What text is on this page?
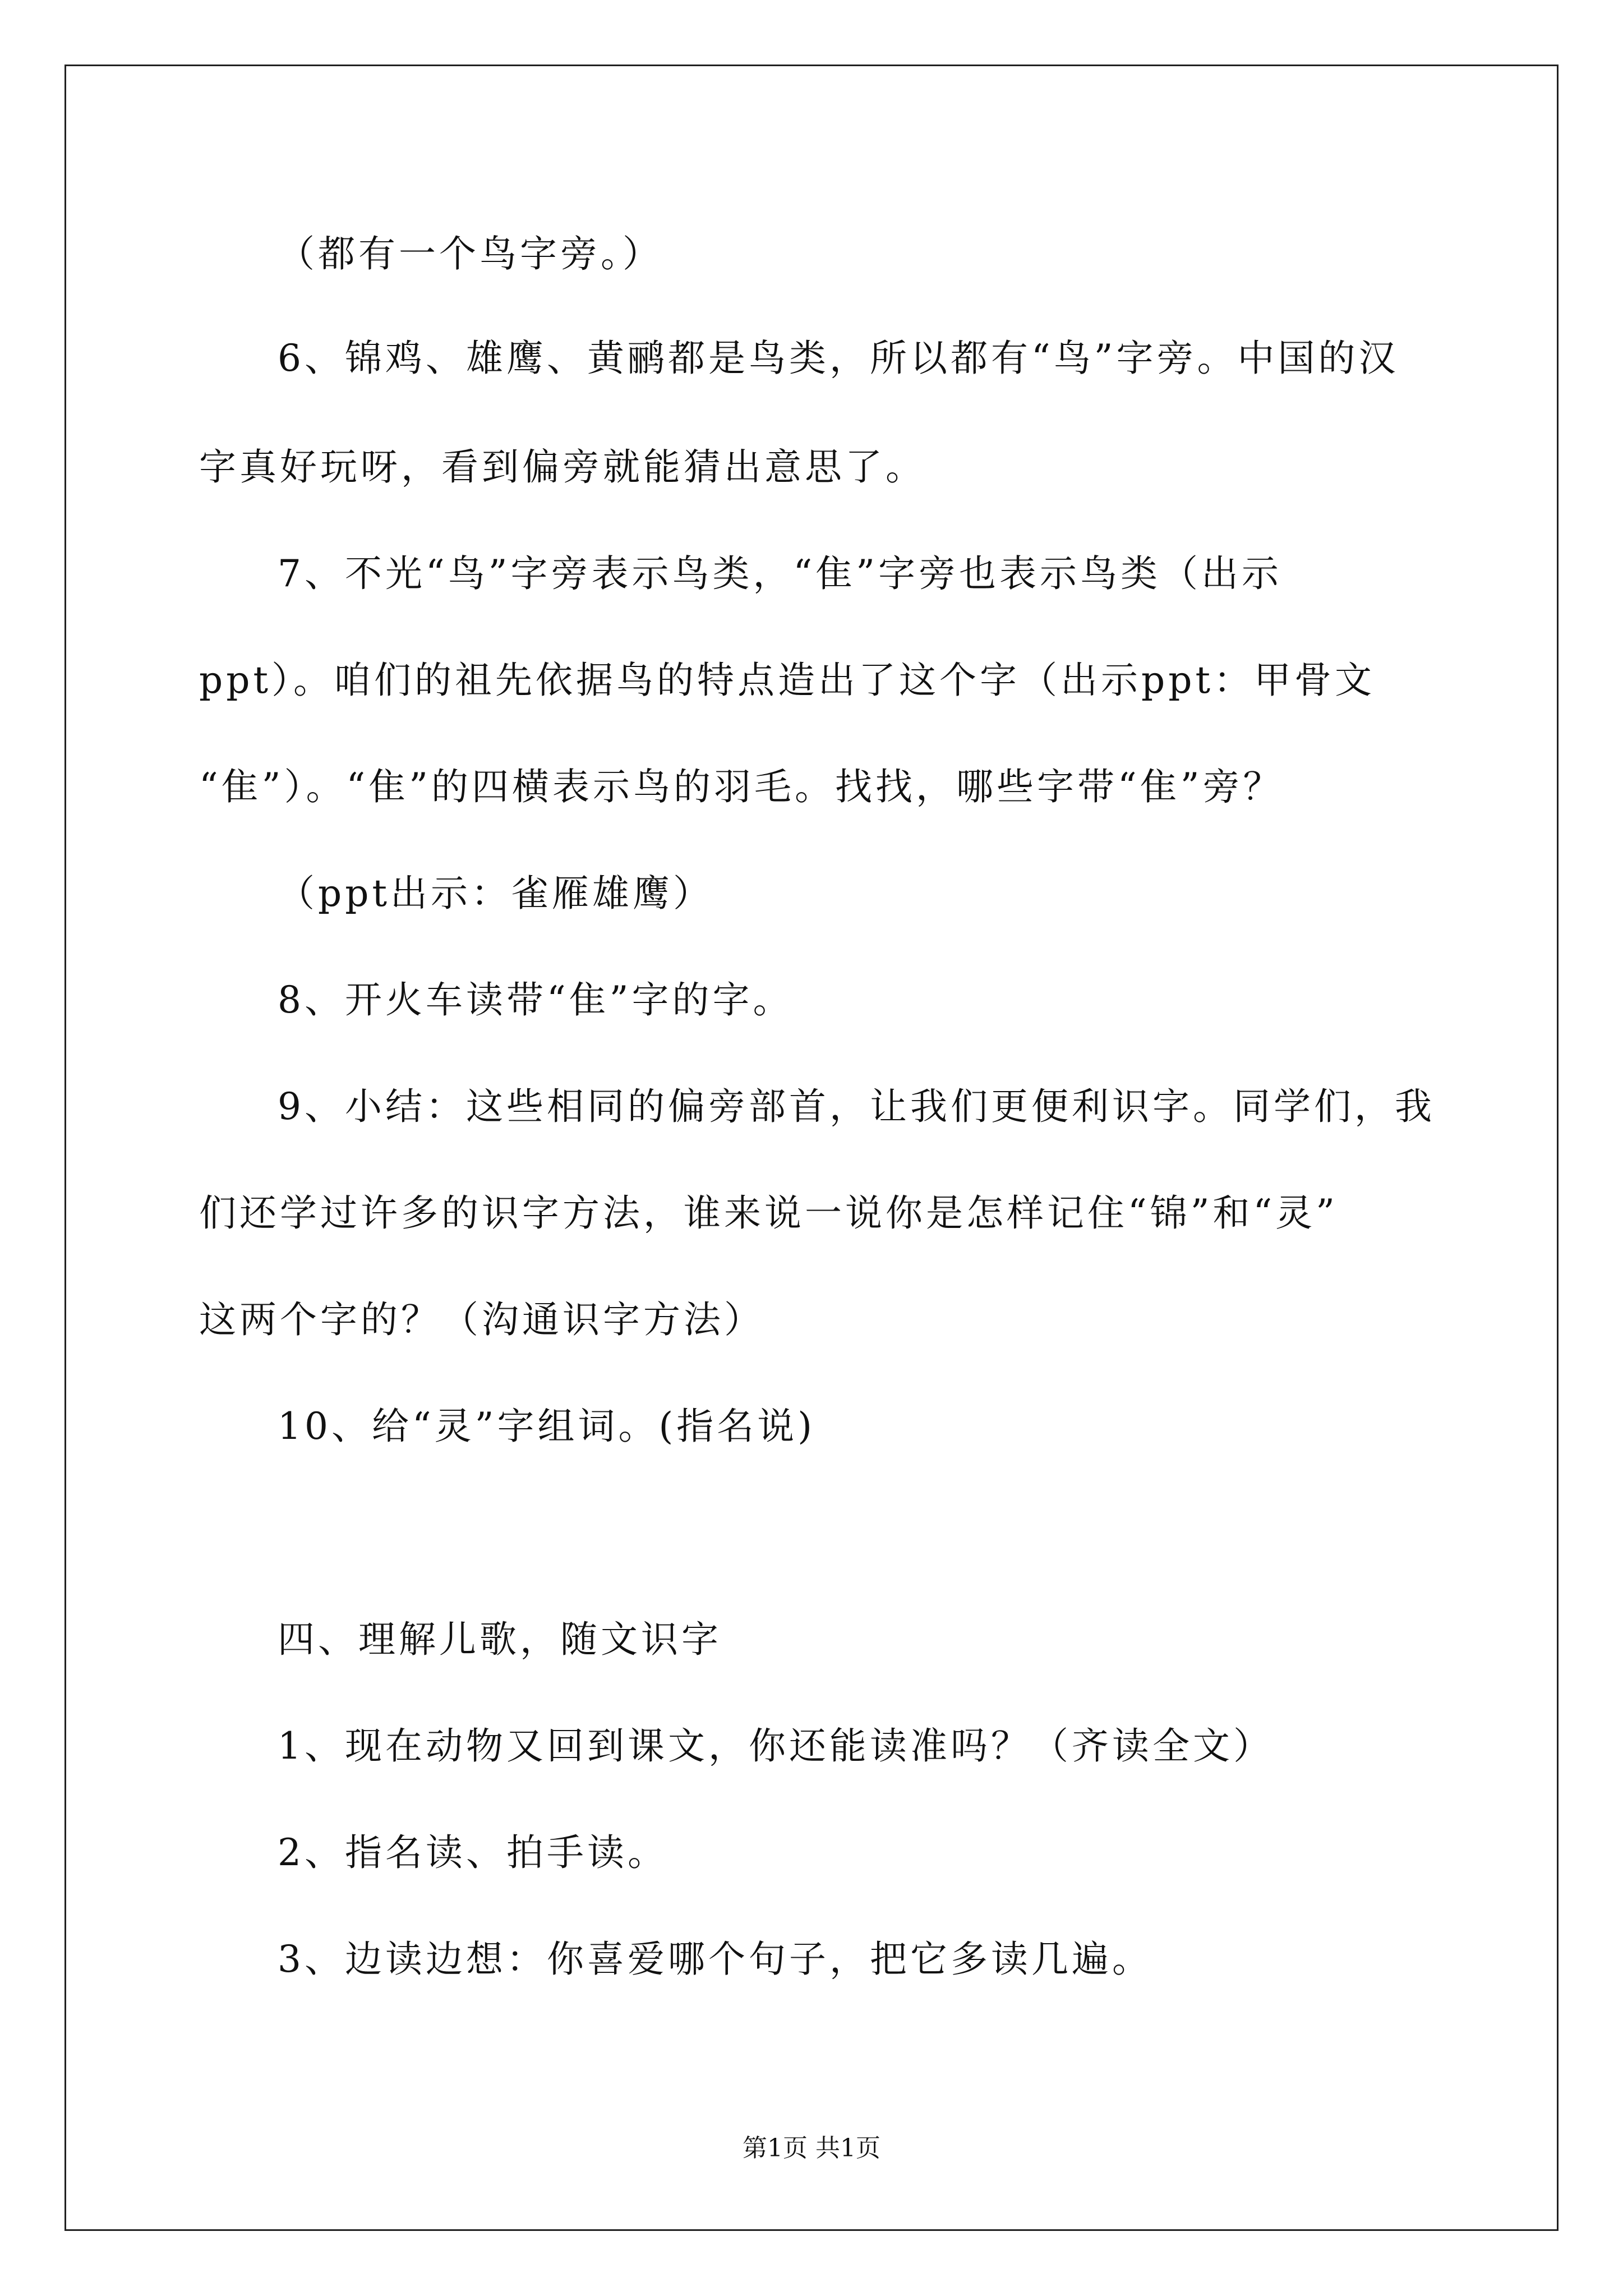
（都有一个鸟字旁。）
6、锦鸡、雄鹰、黄鹂都是鸟类，所以都有“鸟”字旁。中国的汉
字真好玩呀，看到偏旁就能猜出意思了。
7、不光“鸟”字旁表示鸟类，“隹”字旁也表示鸟类（出示
ppt）。咱们的祖先依据鸟的特点造出了这个字（出示ppt：甲骨文
“隹”）。“隹”的四横表示鸟的羽毛。找找，哪些字带“隹”旁？
（ppt出示：雀雁雄鹰）
8、开火车读带“隹”字的字。
9、小结：这些相同的偏旁部首，让我们更便利识字。同学们，我
们还学过许多的识字方法，谁来说一说你是怎样记住“锦”和“灵”
这两个字的？（沟通识字方法）
10、给“灵”字组词。(指名说)
四、理解儿歌，随文识字
1、现在动物又回到课文，你还能读准吗？（齐读全文）
2、指名读、拍手读。
3、边读边想：你喜爱哪个句子，把它多读几遍。
第1页 共1页
